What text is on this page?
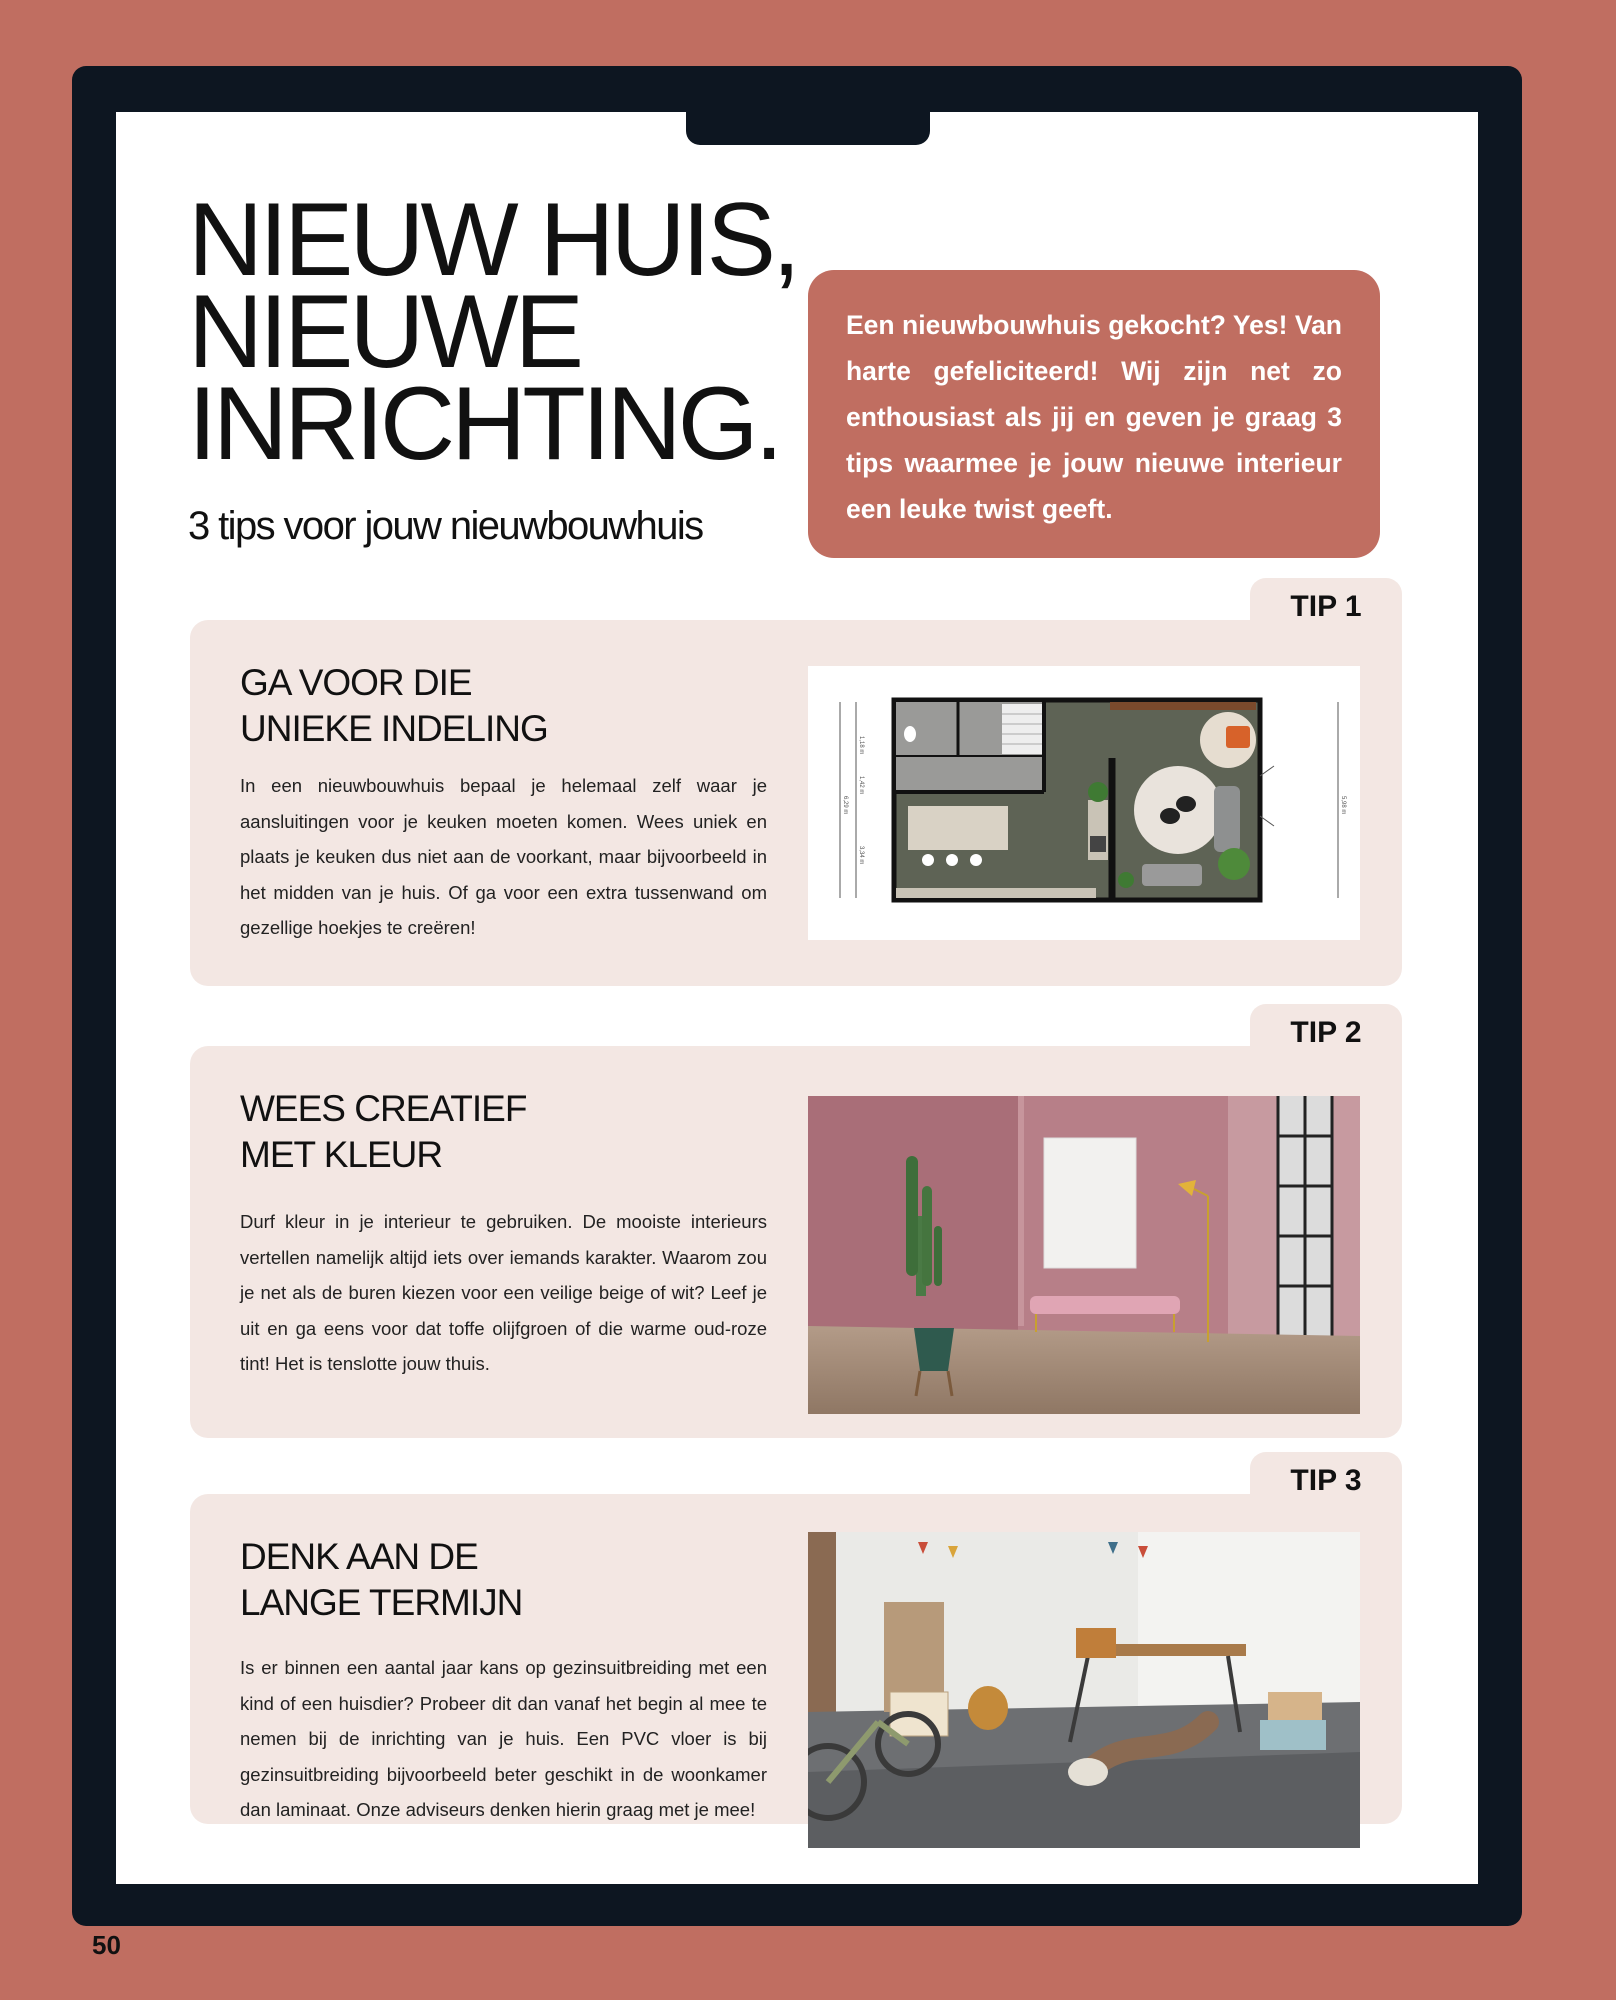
NIEUW HUIS,
NIEUWE
INRICHTING.
3 tips voor jouw nieuwbouwhuis
Een nieuwbouwhuis gekocht? Yes! Van harte gefeliciteerd! Wij zijn net zo enthousiast als jij en geven je graag 3 tips waarmee je jouw nieuwe interieur een leuke twist geeft.
TIP 1
GA VOOR DIE
UNIEKE INDELING

In een nieuwbouwhuis bepaal je helemaal zelf waar je aansluitingen voor je keuken moeten komen. Wees uniek en plaats je keuken dus niet aan de voorkant, maar bijvoorbeeld in het midden van je huis. Of ga voor een extra tussenwand om gezellige hoekjes te creëren!

1,18 m
1,42 m
3,34 m
6,29 m	5,98 m
TIP 2
WEES CREATIEF
MET KLEUR

Durf kleur in je interieur te gebruiken. De mooiste interieurs vertellen namelijk altijd iets over iemands karakter. Waarom zou je net als de buren kiezen voor een veilige beige of wit? Leef je uit en ga eens voor dat toffe olijfgroen of die warme oud-roze tint! Het is tenslotte jouw thuis.

TIP 3
DENK AAN DE
LANGE TERMIJN

Is er binnen een aantal jaar kans op gezinsuitbreiding met een kind of een huisdier? Probeer dit dan vanaf het begin al mee te nemen bij de inrichting van je huis. Een PVC vloer is bij gezinsuitbreiding bijvoorbeeld beter geschikt in de woonkamer dan laminaat. Onze adviseurs denken hierin graag met je mee!

50
